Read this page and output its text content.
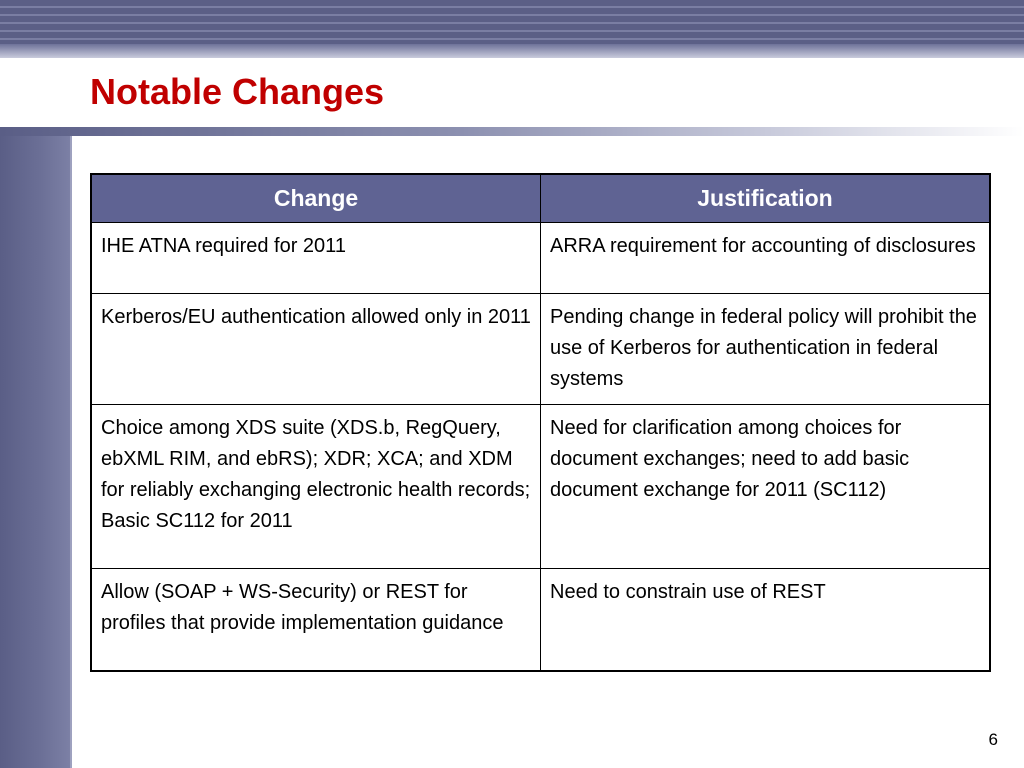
Notable Changes
Change	Justification
IHE ATNA required for 2011	ARRA requirement for accounting of disclosures
Kerberos/EU authentication allowed only in 2011	Pending change in federal policy will prohibit the use of Kerberos for authentication in federal systems
Choice among XDS suite (XDS.b, RegQuery, ebXML RIM, and ebRS); XDR; XCA; and XDM for reliably exchanging electronic health records; Basic SC112 for 2011	Need for clarification among choices for document exchanges; need to add basic document exchange for 2011 (SC112)
Allow (SOAP + WS-Security) or REST for profiles that provide implementation guidance	Need to constrain use of REST
6
